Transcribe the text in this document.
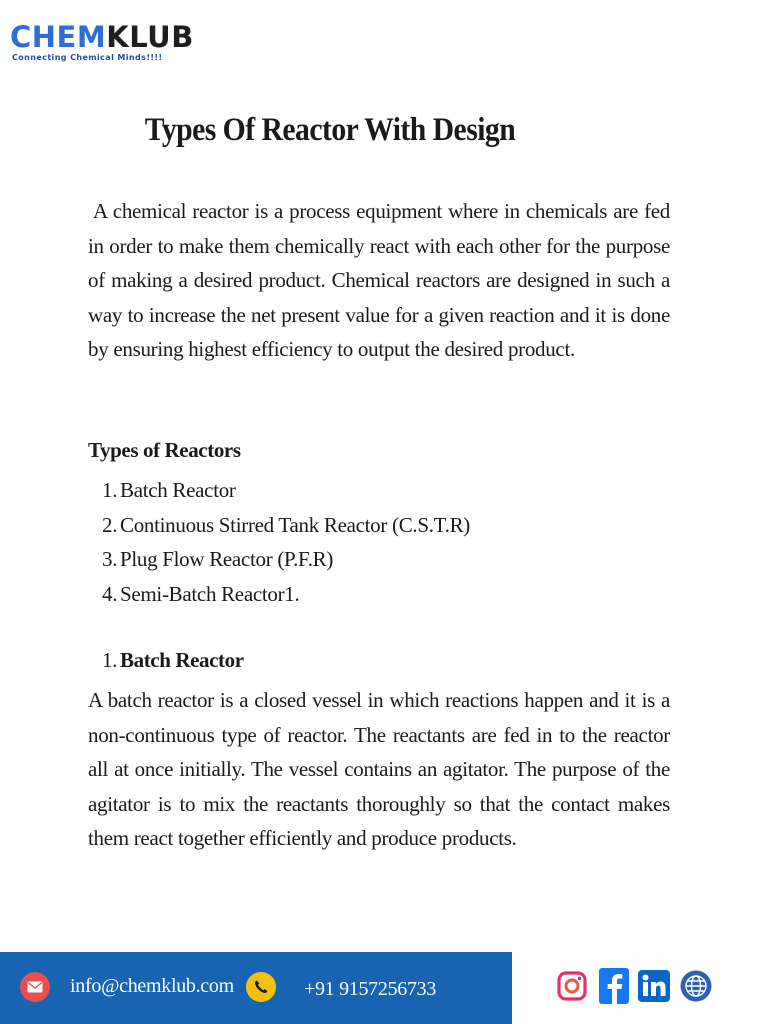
CHEMKLUB
Connecting Chemical Minds!!!!
Types Of Reactor With Design
A chemical reactor is a process equipment where in chemicals are fed in order to make them chemically react with each other for the purpose of making a desired product. Chemical reactors are designed in such a way to increase the net present value for a given reaction and it is done by ensuring highest efficiency to output the desired product.
Types of Reactors
1. Batch Reactor
2. Continuous Stirred Tank Reactor (C.S.T.R)
3. Plug Flow Reactor (P.F.R)
4. Semi-Batch Reactor1.
1. Batch Reactor
A batch reactor is a closed vessel in which reactions happen and it is a non-continuous type of reactor. The reactants are fed in to the reactor all at once initially. The vessel contains an agitator. The purpose of the agitator is to mix the reactants thoroughly so that the contact makes them react together efficiently and produce products.
info@chemklub.com	+91 9157256733
